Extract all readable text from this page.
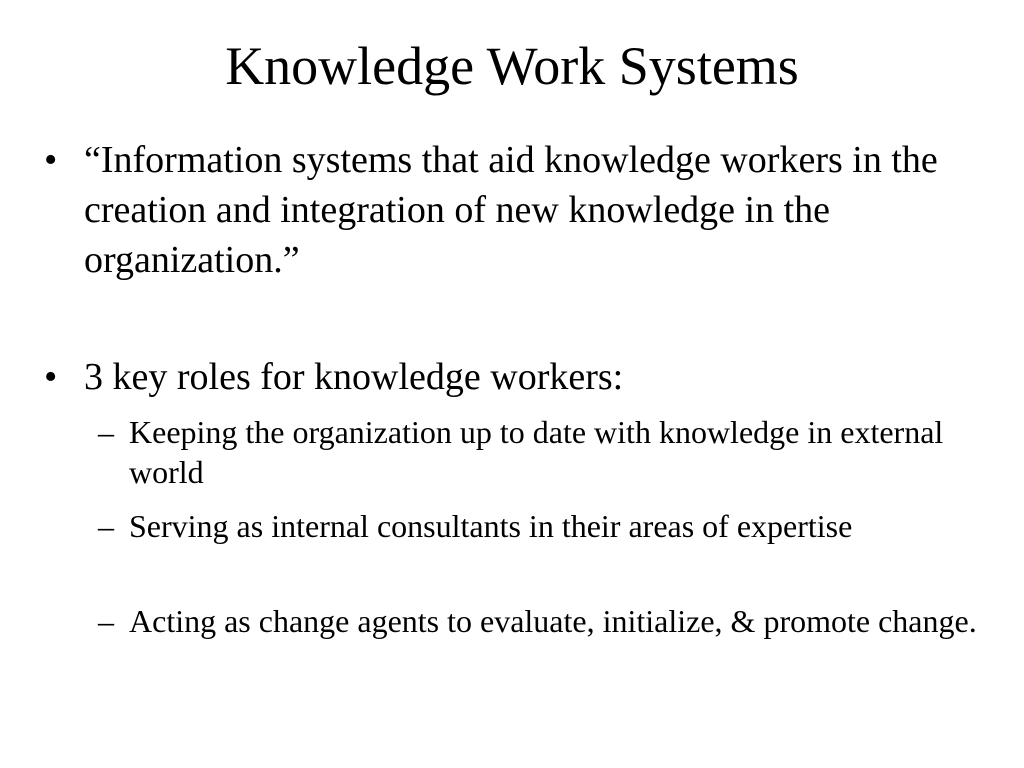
Knowledge Work Systems
• “Information systems that aid knowledge workers in the creation and integration of new knowledge in the organization.”
• 3 key roles for knowledge workers:
– Keeping the organization up to date with knowledge in external world
– Serving as internal consultants in their areas of expertise
– Acting as change agents to evaluate, initialize, & promote change.
